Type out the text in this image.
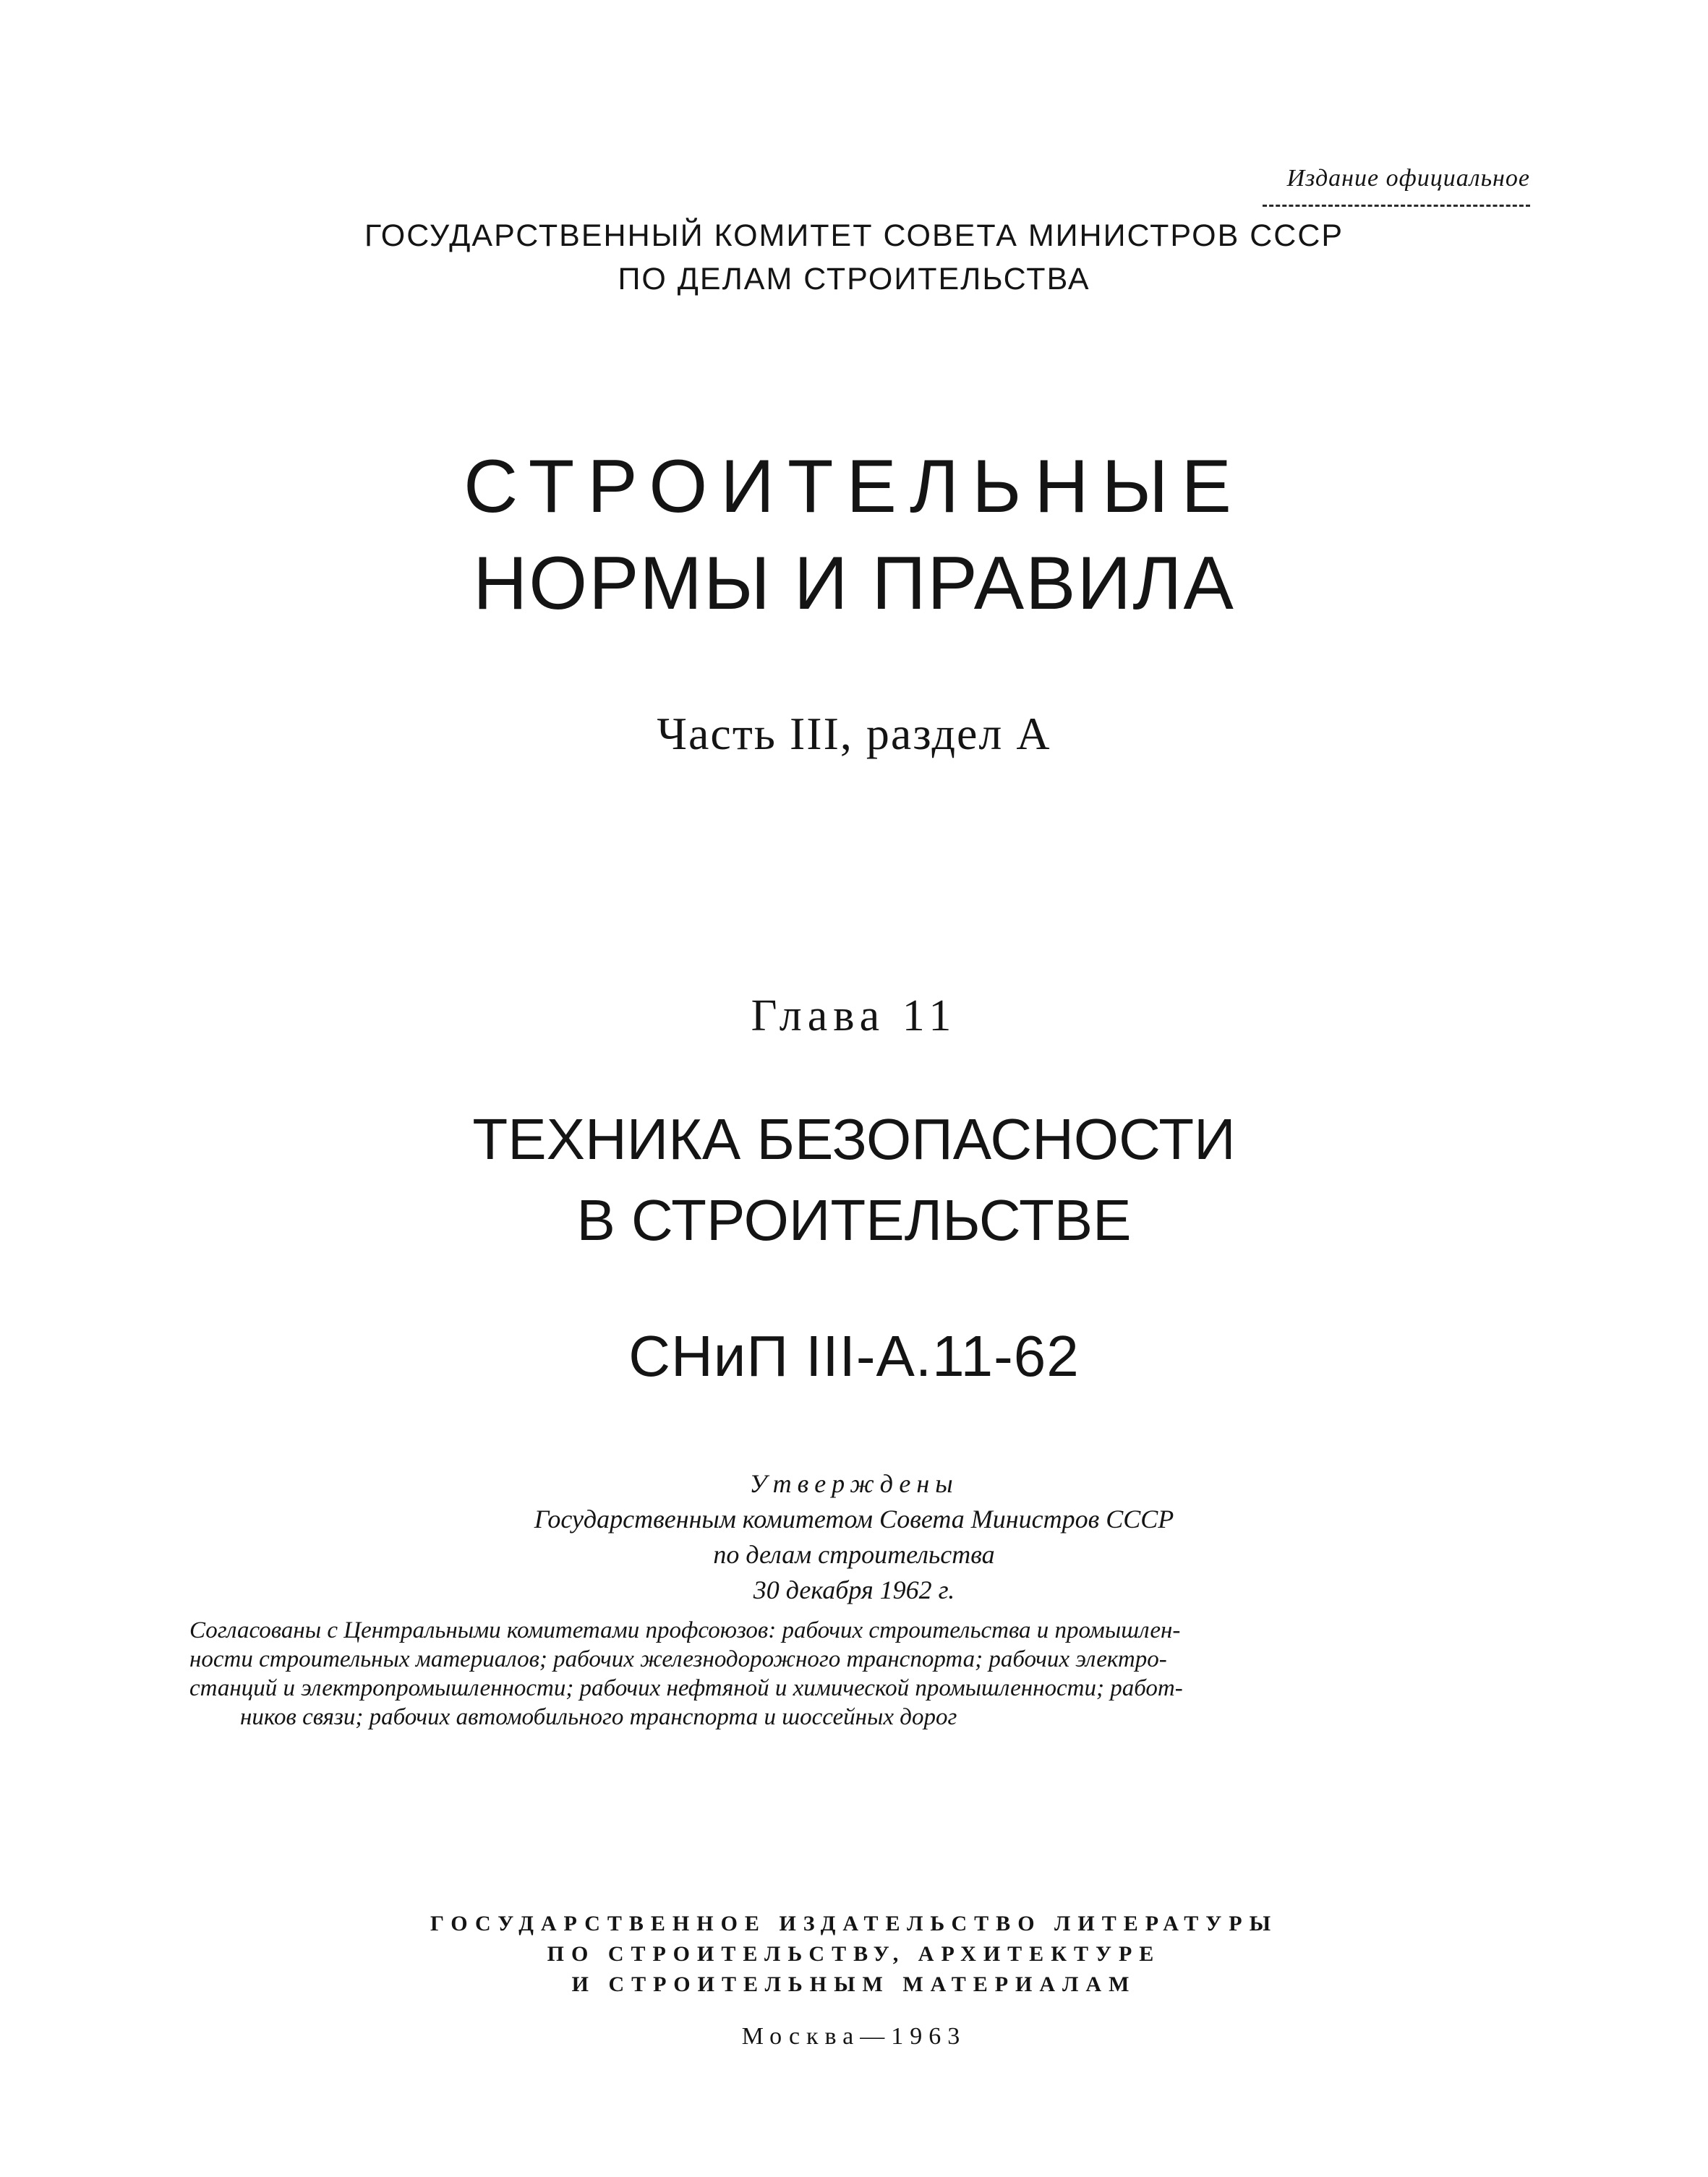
Издание официальное
ГОСУДАРСТВЕННЫЙ КОМИТЕТ СОВЕТА МИНИСТРОВ СССР
ПО ДЕЛАМ СТРОИТЕЛЬСТВА
СТРОИТЕЛЬНЫЕ
НОРМЫ И ПРАВИЛА
Часть III, раздел А
Глава 11
ТЕХНИКА БЕЗОПАСНОСТИ
В СТРОИТЕЛЬСТВЕ
СНиП III-А.11-62
Утверждены
Государственным комитетом Совета Министров СССР
по делам строительства
30 декабря 1962 г.
Согласованы с Центральными комитетами профсоюзов: рабочих строительства и промышлен-
ности строительных материалов; рабочих железнодорожного транспорта; рабочих электро-
станций и электропромышленности; рабочих нефтяной и химической промышленности; работ-
ников связи; рабочих автомобильного транспорта и шоссейных дорог
ГОСУДАРСТВЕННОЕ ИЗДАТЕЛЬСТВО ЛИТЕРАТУРЫ
ПО СТРОИТЕЛЬСТВУ, АРХИТЕКТУРЕ
И СТРОИТЕЛЬНЫМ МАТЕРИАЛАМ
Москва—1963
